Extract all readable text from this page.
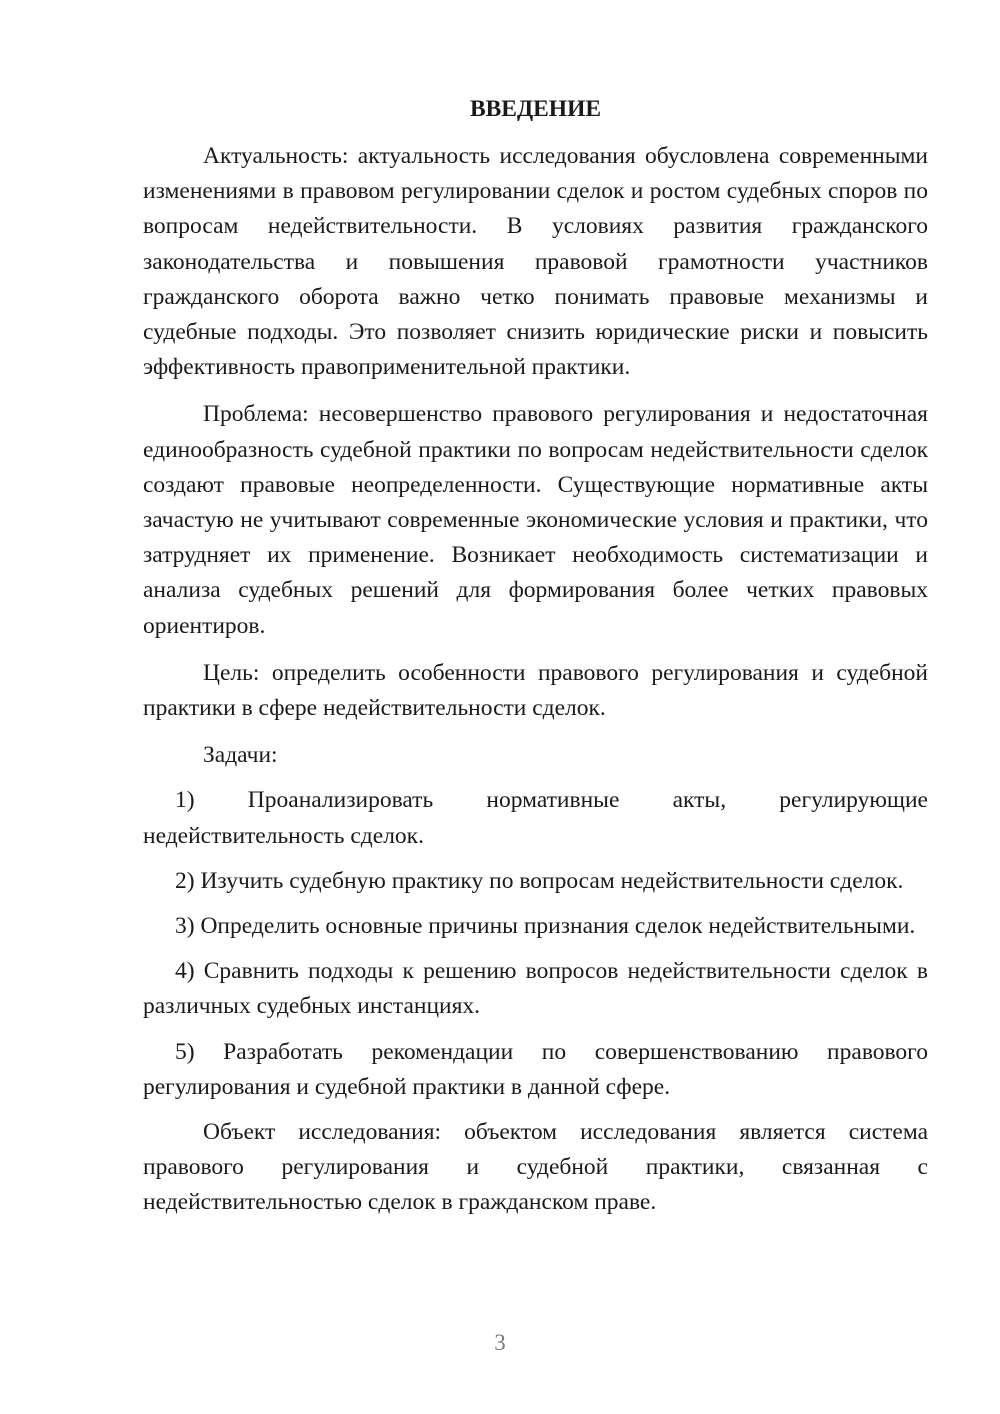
ВВЕДЕНИЕ

Актуальность: актуальность исследования обусловлена современными изменениями в правовом регулировании сделок и ростом судебных споров по вопросам недействительности. В условиях развития гражданского законодательства и повышения правовой грамотности участников гражданского оборота важно четко понимать правовые механизмы и судебные подходы. Это позволяет снизить юридические риски и повысить эффективность правоприменительной практики.

Проблема: несовершенство правового регулирования и недостаточная единообразность судебной практики по вопросам недействительности сделок создают правовые неопределенности. Существующие нормативные акты зачастую не учитывают современные экономические условия и практики, что затрудняет их применение. Возникает необходимость систематизации и анализа судебных решений для формирования более четких правовых ориентиров.

Цель: определить особенности правового регулирования и судебной практики в сфере недействительности сделок.

Задачи:

1) Проанализировать нормативные акты, регулирующие недействительность сделок.

2) Изучить судебную практику по вопросам недействительности сделок.

3) Определить основные причины признания сделок недействительными.

4) Сравнить подходы к решению вопросов недействительности сделок в различных судебных инстанциях.

5) Разработать рекомендации по совершенствованию правового регулирования и судебной практики в данной сфере.

Объект исследования: объектом исследования является система правового регулирования и судебной практики, связанная с недействительностью сделок в гражданском праве.

3
